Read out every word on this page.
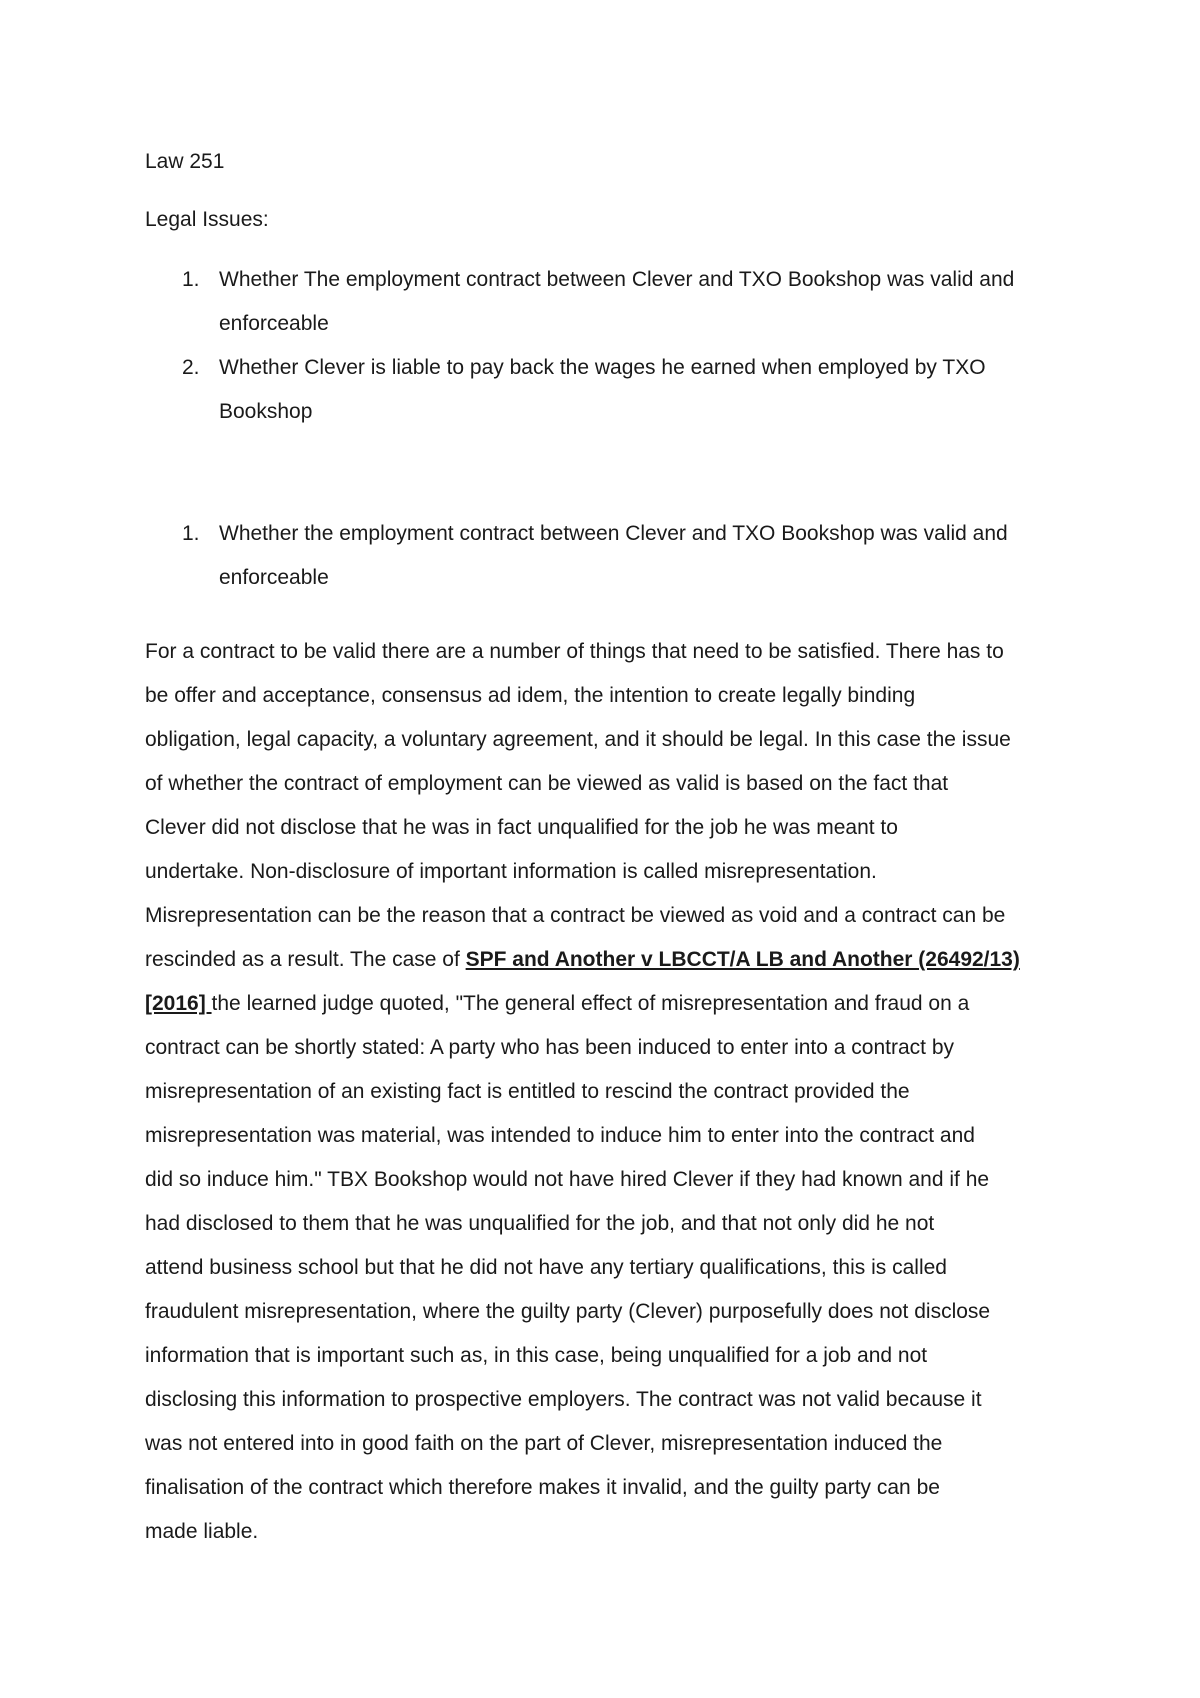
Law 251
Legal Issues:
1. Whether The employment contract between Clever and TXO Bookshop was valid and
enforceable
2. Whether Clever is liable to pay back the wages he earned when employed by TXO
Bookshop
1. Whether the employment contract between Clever and TXO Bookshop was valid and
enforceable
For a contract to be valid there are a number of things that need to be satisfied. There has to
be offer and acceptance, consensus ad idem, the intention to create legally binding
obligation, legal capacity, a voluntary agreement, and it should be legal. In this case the issue
of whether the contract of employment can be viewed as valid is based on the fact that
Clever did not disclose that he was in fact unqualified for the job he was meant to
undertake. Non-disclosure of important information is called misrepresentation.
Misrepresentation can be the reason that a contract be viewed as void and a contract can be
rescinded as a result. The case of SPF and Another v LBCCT/A LB and Another (26492/13)
[2016] the learned judge quoted, "The general effect of misrepresentation and fraud on a
contract can be shortly stated: A party who has been induced to enter into a contract by
misrepresentation of an existing fact is entitled to rescind the contract provided the
misrepresentation was material, was intended to induce him to enter into the contract and
did so induce him." TBX Bookshop would not have hired Clever if they had known and if he
had disclosed to them that he was unqualified for the job, and that not only did he not
attend business school but that he did not have any tertiary qualifications, this is called
fraudulent misrepresentation, where the guilty party (Clever) purposefully does not disclose
information that is important such as, in this case, being unqualified for a job and not
disclosing this information to prospective employers. The contract was not valid because it
was not entered into in good faith on the part of Clever, misrepresentation induced the
finalisation of the contract which therefore makes it invalid, and the guilty party can be
made liable.
